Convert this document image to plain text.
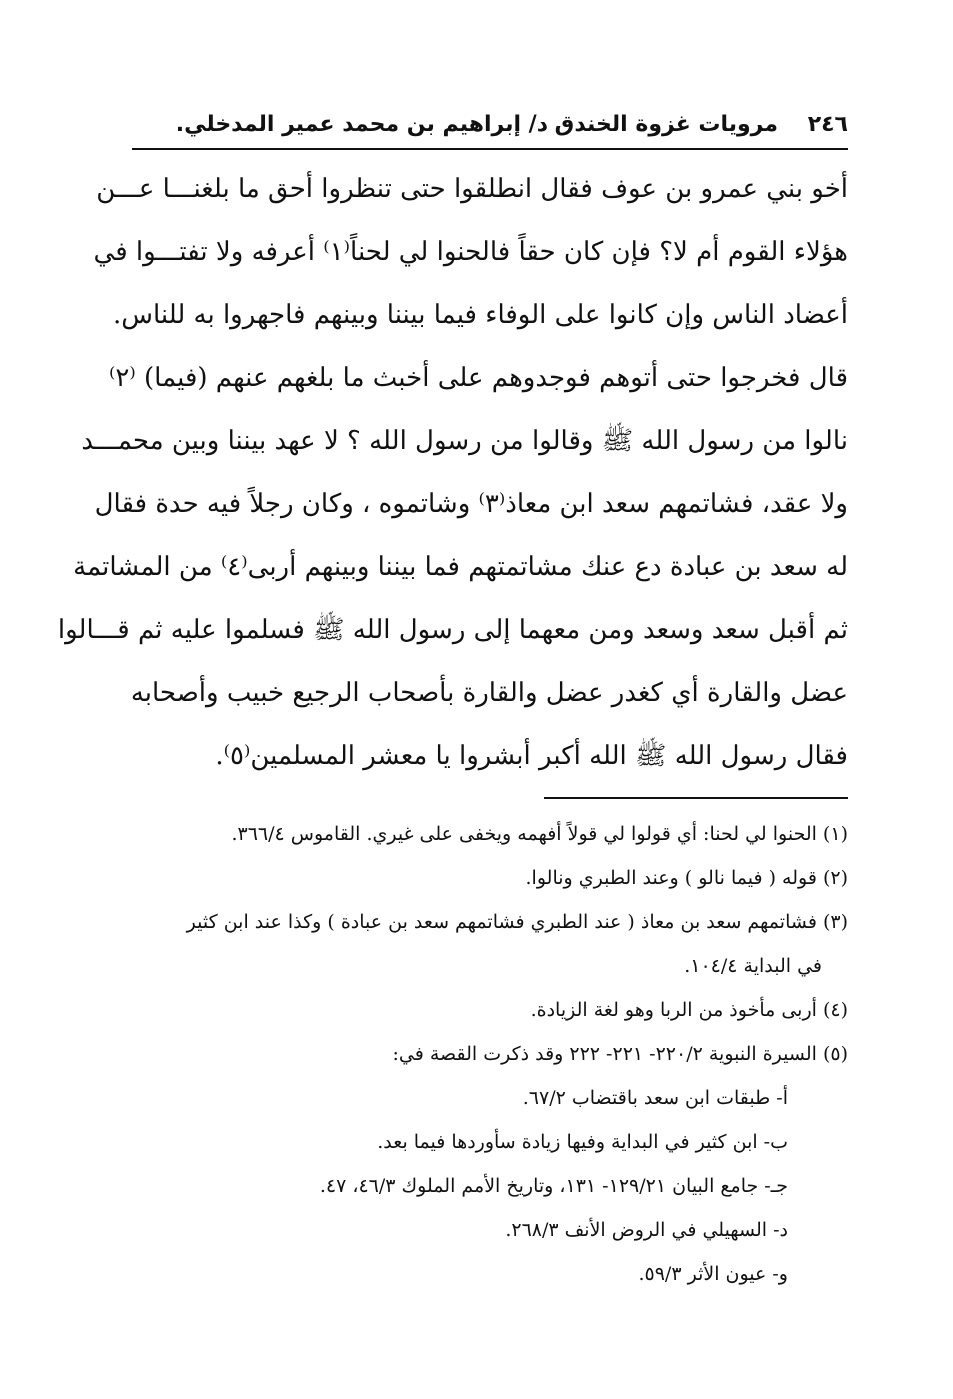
٢٤٦
مرويات غزوة الخندق
د/ إبراهيم بن محمد عمير المدخلي.
أخو بني عمرو بن عوف فقال انطلقوا حتى تنظروا أحق ما بلغنـــا عـــن
هؤلاء القوم أم لا؟ فإن كان حقاً فالحنوا لي لحناً⁽١⁾ أعرفه ولا تفتـــوا في
أعضاد الناس وإن كانوا على الوفاء فيما بيننا وبينهم فاجهروا به للناس.
قال فخرجوا حتى أتوهم فوجدوهم على أخبث ما بلغهم عنهم (فيما) ⁽٢⁾
نالوا من رسول الله ﷺ وقالوا من رسول الله ؟ لا عهد بيننا وبين محمـــد
ولا عقد، فشاتمهم سعد ابن معاذ⁽٣⁾ وشاتموه ، وكان رجلاً فيه حدة فقال
له سعد بن عبادة دع عنك مشاتمتهم فما بيننا وبينهم أربى⁽٤⁾ من المشاتمة
ثم أقبل سعد وسعد ومن معهما إلى رسول الله ﷺ فسلموا عليه ثم قـــالوا
عضل والقارة أي كغدر عضل والقارة بأصحاب الرجيع خبيب وأصحابه
فقال رسول الله ﷺ الله أكبر أبشروا يا معشر المسلمين⁽٥⁾.
(١) الحنوا لي لحنا: أي قولوا لي قولاً أفهمه ويخفى على غيري. القاموس ٣٦٦/٤.
(٢) قوله ( فيما نالو ) وعند الطبري ونالوا.
(٣) فشاتمهم سعد بن معاذ ( عند الطبري فشاتمهم سعد بن عبادة ) وكذا عند ابن كثير
في البداية ١٠٤/٤.
(٤) أربى مأخوذ من الربا وهو لغة الزيادة.
(٥) السيرة النبوية ٢٢٠/٢- ٢٢١- ٢٢٢ وقد ذكرت القصة في:
أ- طبقات ابن سعد باقتضاب ٦٧/٢.
ب- ابن كثير في البداية وفيها زيادة سأوردها فيما بعد.
جـ- جامع البيان ١٢٩/٢١- ١٣١، وتاريخ الأمم الملوك ٤٦/٣، ٤٧.
د- السهيلي في الروض الأنف ٢٦٨/٣.
و- عيون الأثر ٥٩/٣.
